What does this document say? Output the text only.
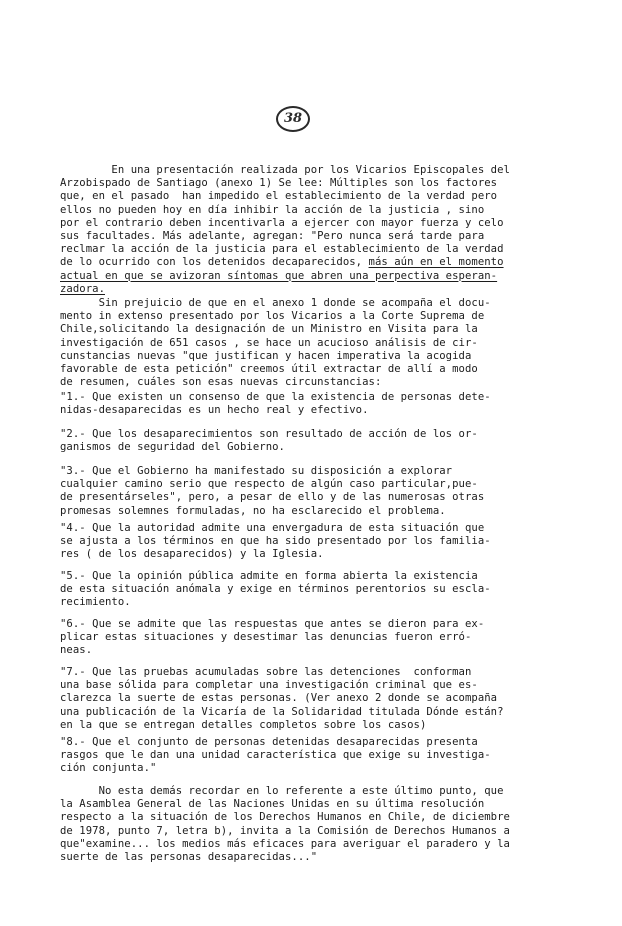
38
En una presentación realizada por los Vicarios Episcopales del
Arzobispado de Santiago (anexo 1) Se lee: Múltiples son los factores
que, en el pasado  han impedido el establecimiento de la verdad pero
ellos no pueden hoy en día inhibir la acción de la justicia , sino
por el contrario deben incentivarla a ejercer con mayor fuerza y celo
sus facultades. Más adelante, agregan: "Pero nunca será tarde para
reclmar la acción de la justicia para el establecimiento de la verdad
de lo ocurrido con los detenidos decaparecidos, más aún en el momento
actual en que se avizoran síntomas que abren una perpectiva esperan-
zadora.
Sin prejuicio de que en el anexo 1 donde se acompaña el docu-
mento in extenso presentado por los Vicarios a la Corte Suprema de
Chile,solicitando la designación de un Ministro en Visita para la
investigación de 651 casos , se hace un acucioso análisis de cir-
cunstancias nuevas "que justifican y hacen imperativa la acogida
favorable de esta petición" creemos útil extractar de allí a modo
de resumen, cuáles son esas nuevas circunstancias:
"1.- Que existen un consenso de que la existencia de personas dete-
nidas-desaparecidas es un hecho real y efectivo.
"2.- Que los desaparecimientos son resultado de acción de los or-
ganismos de seguridad del Gobierno.
"3.- Que el Gobierno ha manifestado su disposición a explorar
cualquier camino serio que respecto de algún caso particular,pue-
de presentárseles", pero, a pesar de ello y de las numerosas otras
promesas solemnes formuladas, no ha esclarecido el problema.
"4.- Que la autoridad admite una envergadura de esta situación que
se ajusta a los términos en que ha sido presentado por los familia-
res ( de los desaparecidos) y la Iglesia.
"5.- Que la opinión pública admite en forma abierta la existencia
de esta situación anómala y exige en términos perentorios su escla-
recimiento.
"6.- Que se admite que las respuestas que antes se dieron para ex-
plicar estas situaciones y desestimar las denuncias fueron erró-
neas.
"7.- Que las pruebas acumuladas sobre las detenciones  conforman
una base sólida para completar una investigación criminal que es-
clarezca la suerte de estas personas. (Ver anexo 2 donde se acompaña
una publicación de la Vicaría de la Solidaridad titulada Dónde están?
en la que se entregan detalles completos sobre los casos)
"8.- Que el conjunto de personas detenidas desaparecidas presenta
rasgos que le dan una unidad característica que exige su investiga-
ción conjunta."
No esta demás recordar en lo referente a este último punto, que
la Asamblea General de las Naciones Unidas en su última resolución
respecto a la situación de los Derechos Humanos en Chile, de diciembre
de 1978, punto 7, letra b), invita a la Comisión de Derechos Humanos a
que"examine... los medios más eficaces para averiguar el paradero y la
suerte de las personas desaparecidas..."
